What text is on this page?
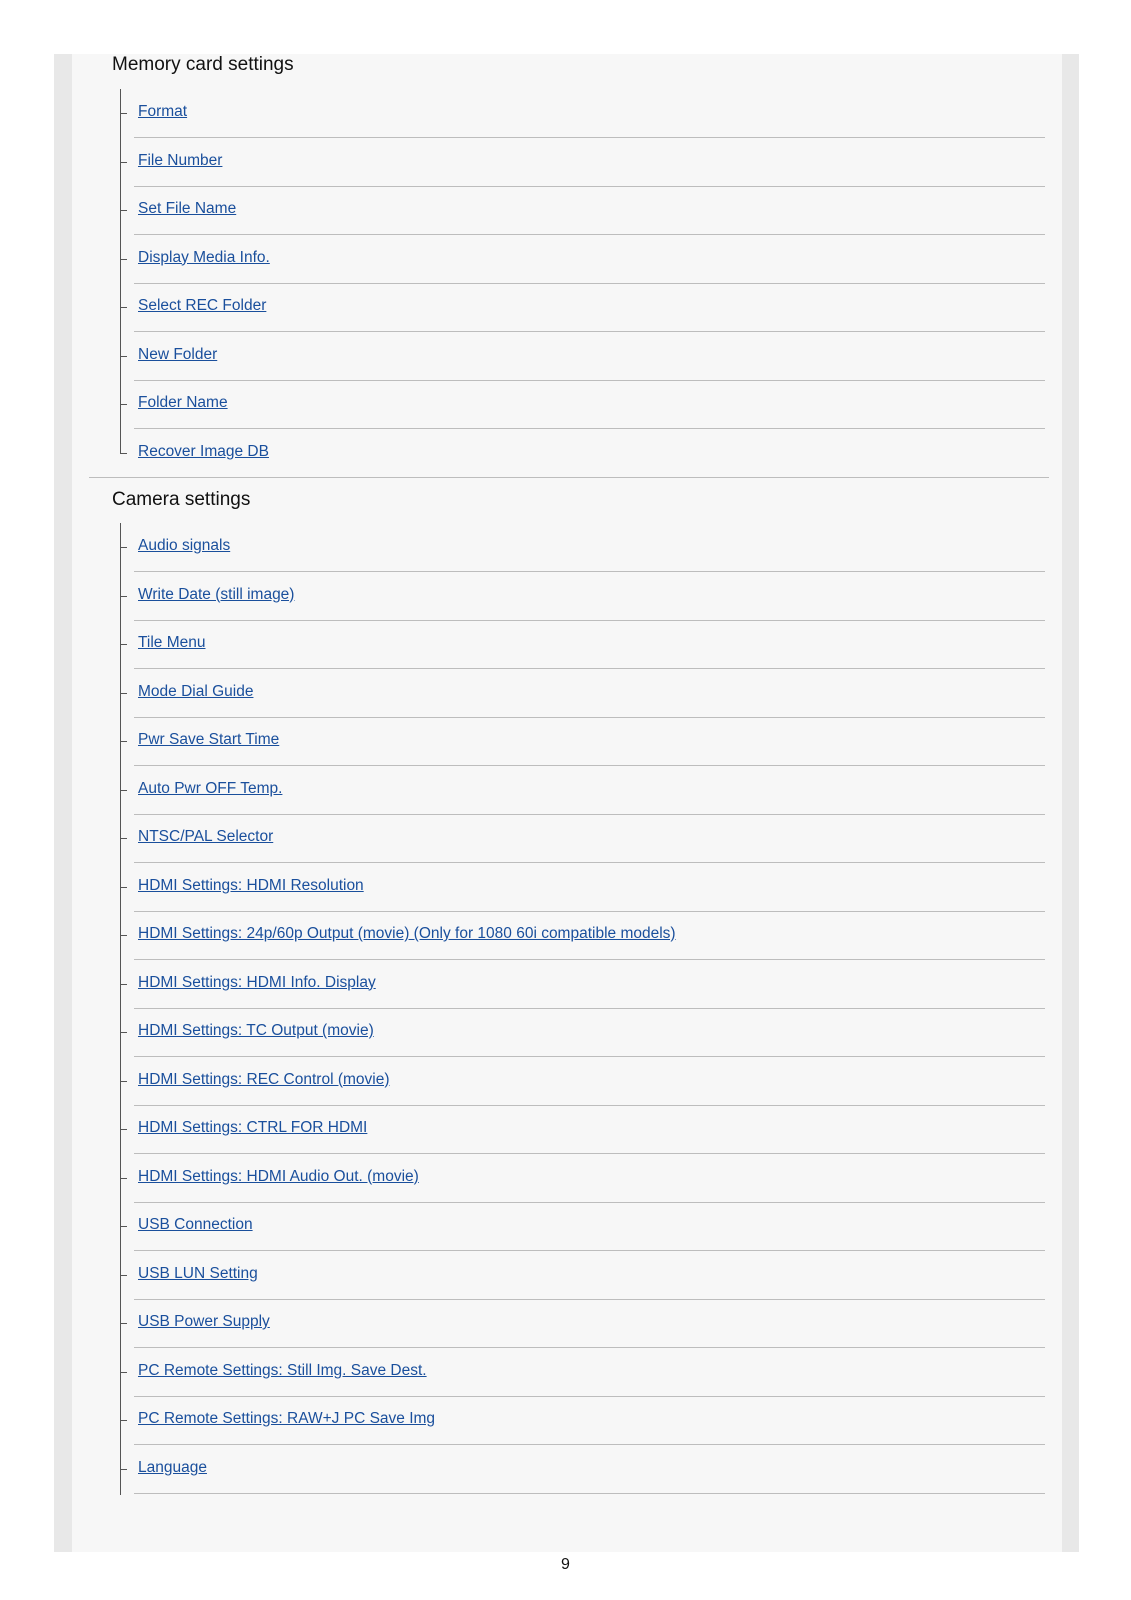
Memory card settings
Format
File Number
Set File Name
Display Media Info.
Select REC Folder
New Folder
Folder Name
Recover Image DB
Camera settings
Audio signals
Write Date (still image)
Tile Menu
Mode Dial Guide
Pwr Save Start Time
Auto Pwr OFF Temp.
NTSC/PAL Selector
HDMI Settings: HDMI Resolution
HDMI Settings: 24p/60p Output (movie) (Only for 1080 60i compatible models)
HDMI Settings: HDMI Info. Display
HDMI Settings: TC Output (movie)
HDMI Settings: REC Control (movie)
HDMI Settings: CTRL FOR HDMI
HDMI Settings: HDMI Audio Out. (movie)
USB Connection
USB LUN Setting
USB Power Supply
PC Remote Settings: Still Img. Save Dest.
PC Remote Settings: RAW+J PC Save Img
Language
9
